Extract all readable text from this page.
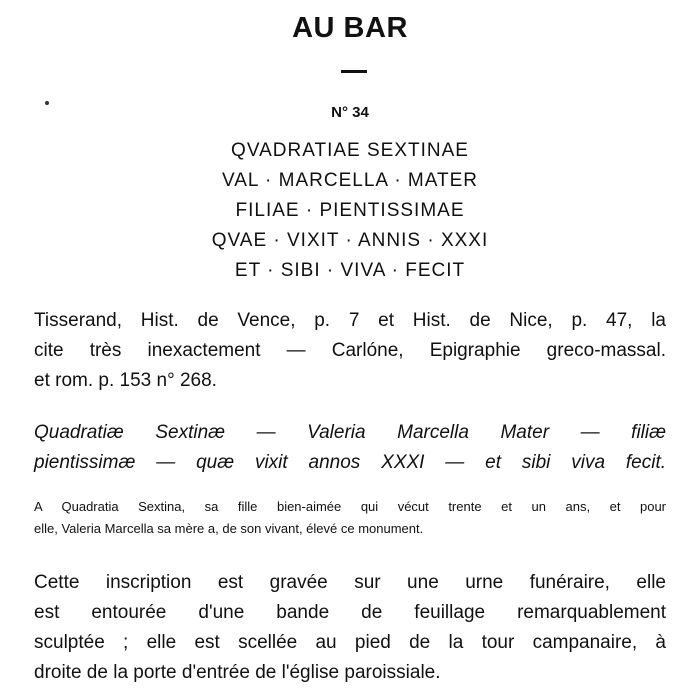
AU BAR
N° 34
QVADRATIAE SEXTINAE
VAL · MARCELLA · MATER
FILIAE · PIENTISSIMAE
QVAE · VIXIT · ANNIS · XXXI
ET · SIBI · VIVA · FECIT
Tisserand, Hist. de Vence, p. 7 et Hist. de Nice, p. 47, la
cite très inexactement — Carlóne, Epigraphie greco-massal.
et rom. p. 153 n° 268.
Quadratiæ Sextinæ — Valeria Marcella Mater — filiæ
pientissimæ — quæ vixit annos XXXI — et sibi viva fecit.
A Quadratia Sextina, sa fille bien-aimée qui vécut trente et un ans, et pour
elle, Valeria Marcella sa mère a, de son vivant, élevé ce monument.
Cette inscription est gravée sur une urne funéraire, elle
est entourée d'une bande de feuillage remarquablement
sculptée ; elle est scellée au pied de la tour campanaire, à
droite de la porte d'entrée de l'église paroissiale.
